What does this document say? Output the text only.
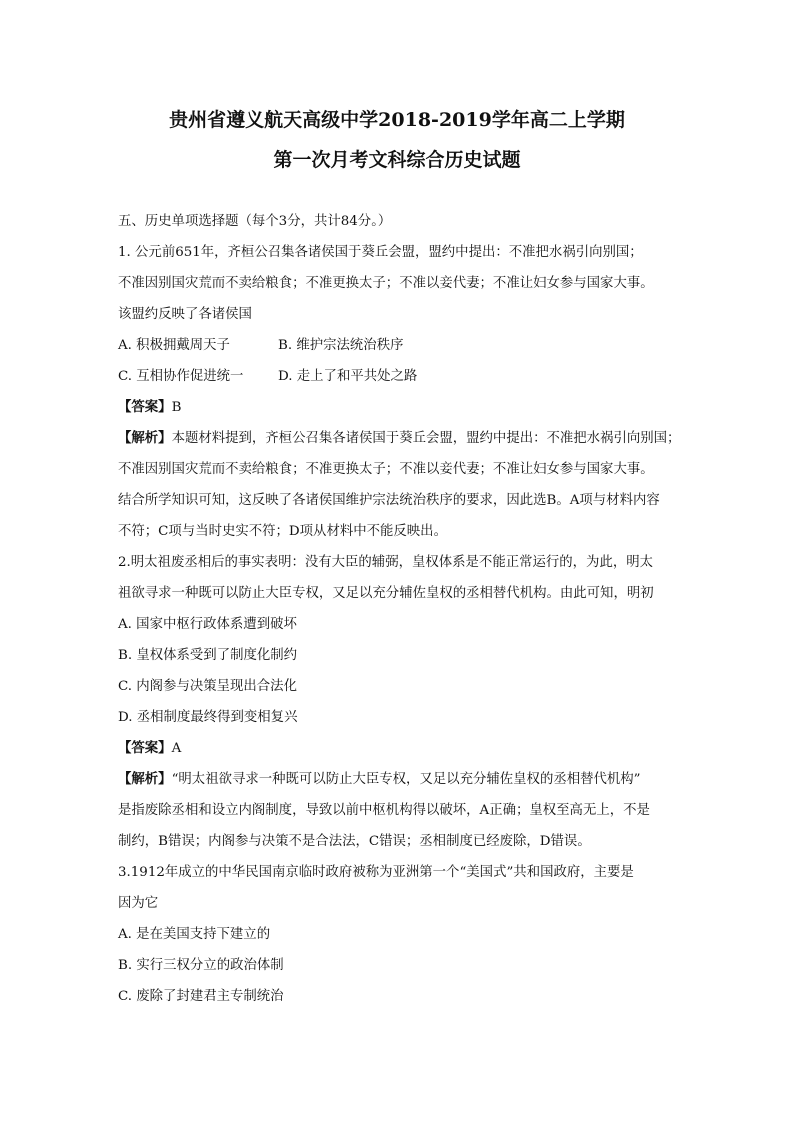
贵州省遵义航天高级中学2018-2019学年高二上学期
第一次月考文科综合历史试题
五、历史单项选择题（每个3分，共计84分。）
1. 公元前651年，齐桓公召集各诸侯国于葵丘会盟，盟约中提出：不准把水祸引向别国；
不准因别国灾荒而不卖给粮食；不准更换太子；不准以妾代妻；不准让妇女参与国家大事。
该盟约反映了各诸侯国
A. 积极拥戴周天子	B. 维护宗法统治秩序
C. 互相协作促进统一	D. 走上了和平共处之路
【答案】B
【解析】本题材料提到，齐桓公召集各诸侯国于葵丘会盟，盟约中提出：不准把水祸引向别国；
不准因别国灾荒而不卖给粮食；不准更换太子；不准以妾代妻；不准让妇女参与国家大事。
结合所学知识可知，这反映了各诸侯国维护宗法统治秩序的要求，因此选B。A项与材料内容
不符；C项与当时史实不符；D项从材料中不能反映出。
2.明太祖废丞相后的事实表明：没有大臣的辅弼，皇权体系是不能正常运行的，为此，明太
祖欲寻求一种既可以防止大臣专权，又足以充分辅佐皇权的丞相替代机构。由此可知，明初
A. 国家中枢行政体系遭到破坏
B. 皇权体系受到了制度化制约
C. 内阁参与决策呈现出合法化
D. 丞相制度最终得到变相复兴
【答案】A
【解析】“明太祖欲寻求一种既可以防止大臣专权，又足以充分辅佐皇权的丞相替代机构”
是指废除丞相和设立内阁制度，导致以前中枢机构得以破坏，A正确；皇权至高无上，不是
制约，B错误；内阁参与决策不是合法法，C错误；丞相制度已经废除，D错误。
3.1912年成立的中华民国南京临时政府被称为亚洲第一个“美国式”共和国政府，主要是
因为它
A. 是在美国支持下建立的
B. 实行三权分立的政治体制
C. 废除了封建君主专制统治
